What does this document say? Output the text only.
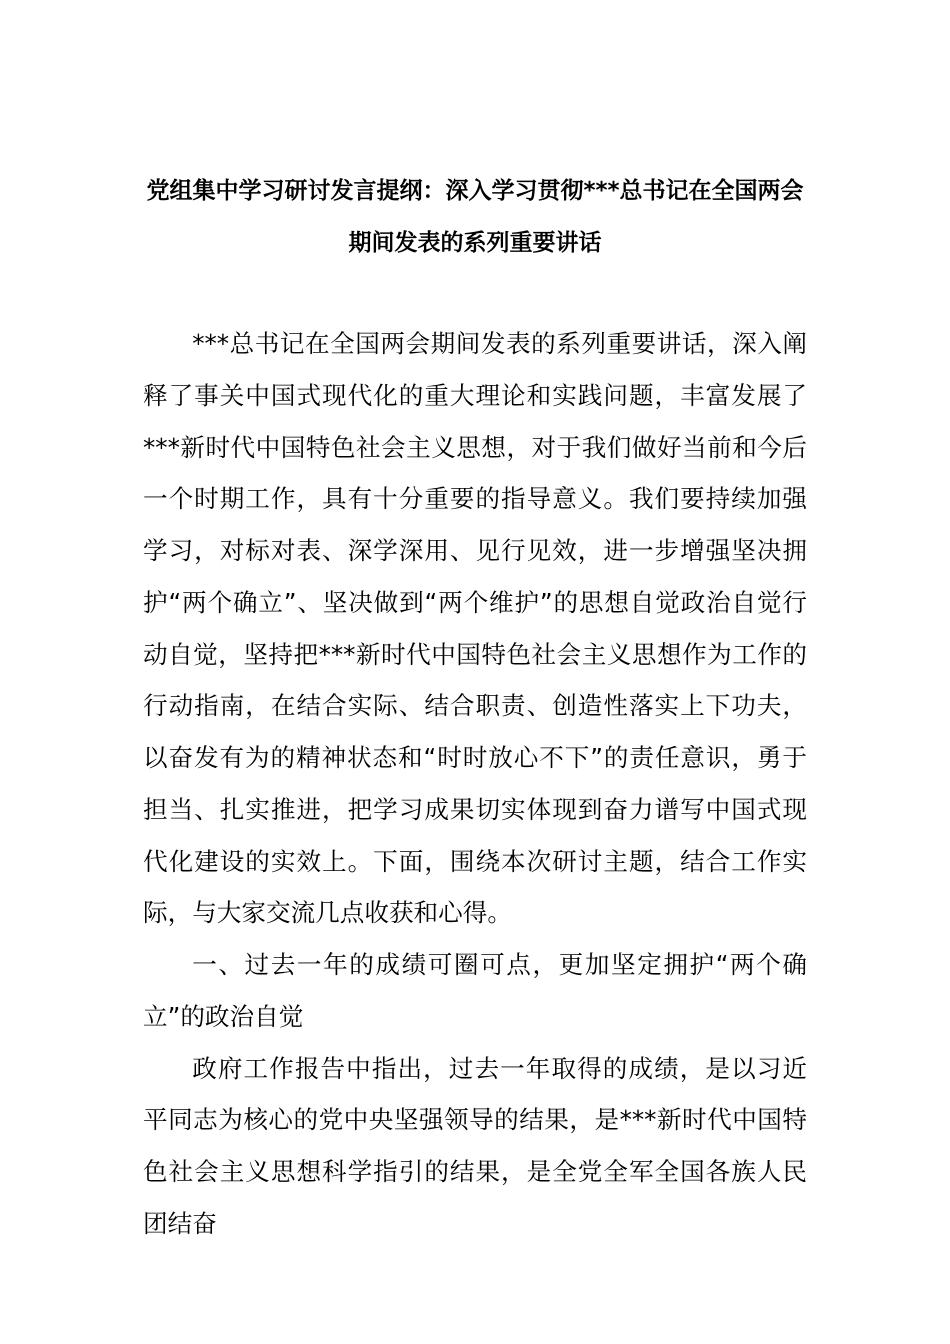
党组集中学习研讨发言提纲：深入学习贯彻***总书记在全国两会期间发表的系列重要讲话

***总书记在全国两会期间发表的系列重要讲话，深入阐释了事关中国式现代化的重大理论和实践问题，丰富发展了***新时代中国特色社会主义思想，对于我们做好当前和今后一个时期工作，具有十分重要的指导意义。我们要持续加强学习，对标对表、深学深用、见行见效，进一步增强坚决拥护“两个确立”、坚决做到“两个维护”的思想自觉政治自觉行动自觉，坚持把***新时代中国特色社会主义思想作为工作的行动指南，在结合实际、结合职责、创造性落实上下功夫，以奋发有为的精神状态和“时时放心不下”的责任意识，勇于担当、扎实推进，把学习成果切实体现到奋力谱写中国式现代化建设的实效上。下面，围绕本次研讨主题，结合工作实际，与大家交流几点收获和心得。

一、过去一年的成绩可圈可点，更加坚定拥护“两个确立”的政治自觉

政府工作报告中指出，过去一年取得的成绩，是以习近平同志为核心的党中央坚强领导的结果，是***新时代中国特色社会主义思想科学指引的结果，是全党全军全国各族人民团结奋
